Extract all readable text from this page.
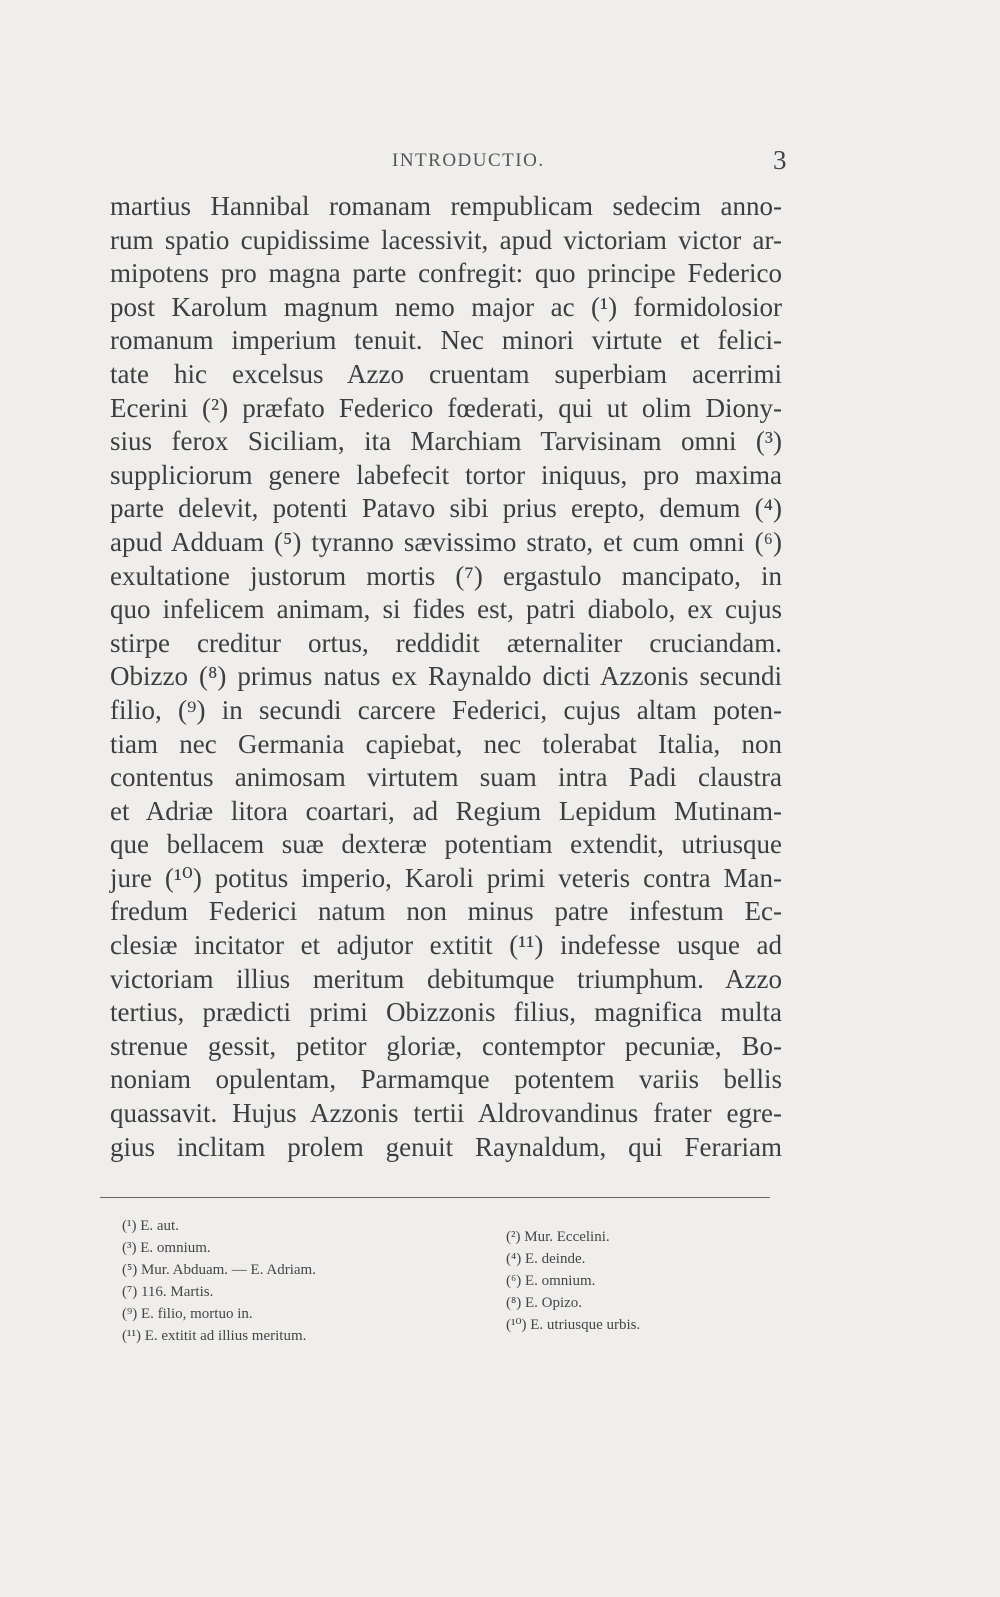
INTRODUCTIO.	3
martius Hannibal romanam rempublicam sedecim anno-
rum spatio cupidissime lacessivit, apud victoriam victor ar-
mipotens pro magna parte confregit: quo principe Federico
post Karolum magnum nemo major ac (¹) formidolosior
romanum imperium tenuit. Nec minori virtute et felici-
tate hic excelsus Azzo cruentam superbiam acerrimi
Ecerini (²) præfato Federico fœderati, qui ut olim Diony-
sius ferox Siciliam, ita Marchiam Tarvisinam omni (³)
suppliciorum genere labefecit tortor iniquus, pro maxima
parte delevit, potenti Patavo sibi prius erepto, demum (⁴)
apud Adduam (⁵) tyranno sævissimo strato, et cum omni (⁶)
exultatione justorum mortis (⁷) ergastulo mancipato, in
quo infelicem animam, si fides est, patri diabolo, ex cujus
stirpe creditur ortus, reddidit æternaliter cruciandam.
Obizzo (⁸) primus natus ex Raynaldo dicti Azzonis secundi
filio, (⁹) in secundi carcere Federici, cujus altam poten-
tiam nec Germania capiebat, nec tolerabat Italia, non
contentus animosam virtutem suam intra Padi claustra
et Adriæ litora coartari, ad Regium Lepidum Mutinam-
que bellacem suæ dexteræ potentiam extendit, utriusque
jure (¹⁰) potitus imperio, Karoli primi veteris contra Man-
fredum Federici natum non minus patre infestum Ec-
clesiæ incitator et adjutor extitit (¹¹) indefesse usque ad
victoriam illius meritum debitumque triumphum. Azzo
tertius, prædicti primi Obizzonis filius, magnifica multa
strenue gessit, petitor gloriæ, contemptor pecuniæ, Bo-
noniam opulentam, Parmamque potentem variis bellis
quassavit. Hujus Azzonis tertii Aldrovandinus frater egre-
gius inclitam prolem genuit Raynaldum, qui Ferariam
(¹) E. aut.
(³) E. omnium.
(⁵) Mur. Abduam. — E. Adriam.
(⁷) 116. Martis.
(⁹) E. filio, mortuo in.
(¹¹) E. extitit ad illius meritum.
(²) Mur. Eccelini.
(⁴) E. deinde.
(⁶) E. omnium.
(⁸) E. Opizo.
(¹⁰) E. utriusque urbis.
